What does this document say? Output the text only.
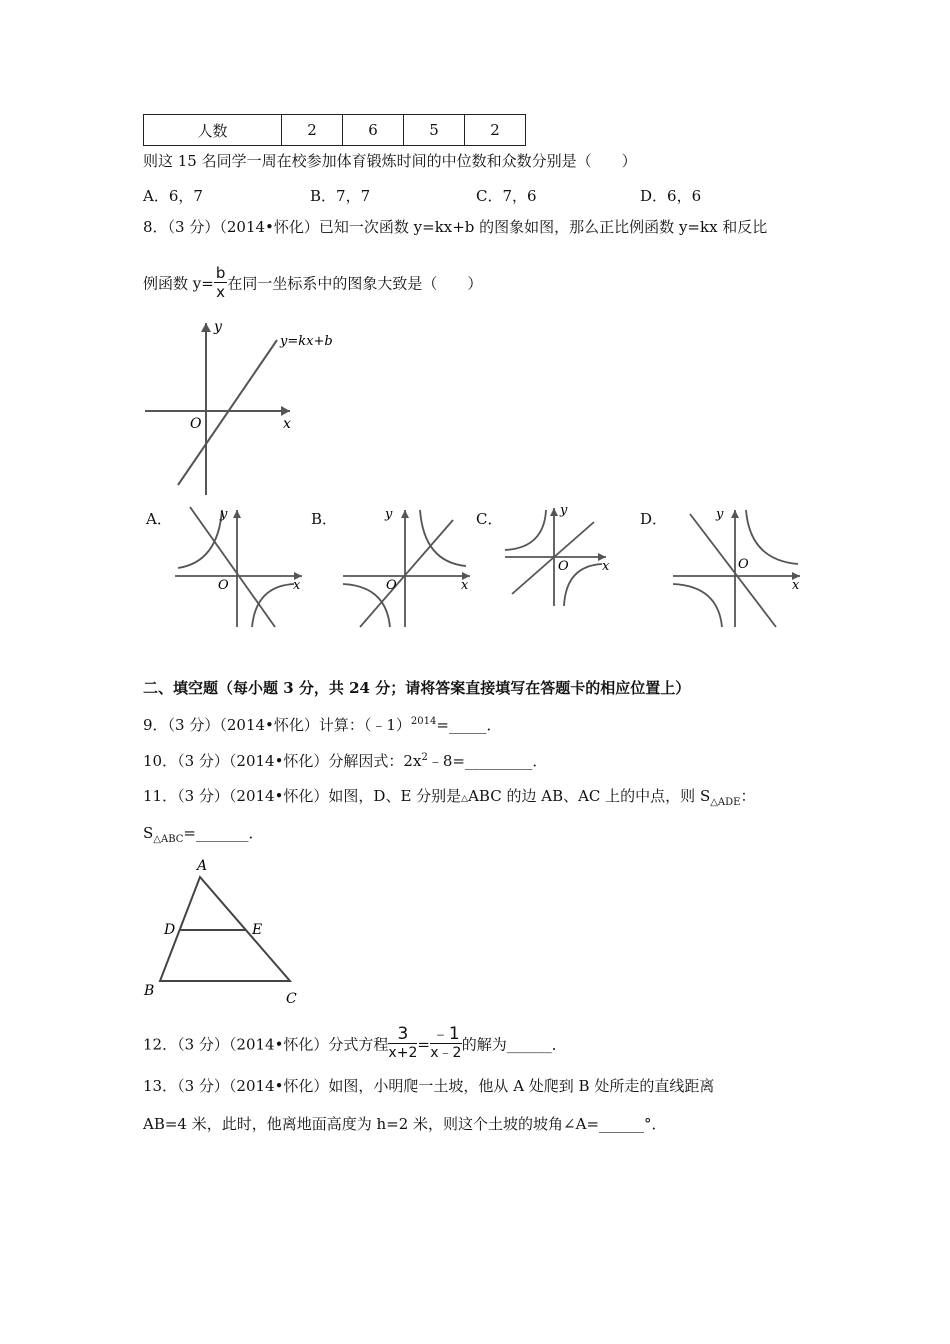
人数	2	6	5	2
则这 15 名同学一周在校参加体育锻炼时间的中位数和众数分别是（　　）
A．6，7	B．7，7	C．7，6	D．6，6
8．（3 分）（2014•怀化）已知一次函数 y=kx+b 的图象如图，那么正比例函数 y=kx 和反比
例函数 $y= \frac{b}{x}$ 在同一坐标系中的图象大致是（　　）
y=kx+b
y
x
O
A．	B．	C．	D．
O	x
y
O	x
y
O	x
y
O
x
y
二、填空题（每小题 3 分，共 24 分；请将答案直接填写在答题卡的相应位置上）
9．（3 分）（2014•怀化）计算：（﹣1）$^{2014}$=_____．
10．（3 分）（2014•怀化）分解因式：$2x^2﹣8=\_\_\_\_\_\_\_\_\_$．
11．（3 分）（2014•怀化）如图，D、E 分别是△ABC 的边 AB、AC 上的中点，则 $S_{\triangle ADE}$：
$S_{\triangle ABC}=\_\_\_\_\_\_\_$．
A
D	E
B	C
12．（3 分）（2014•怀化）分式方程 $\frac{3}{x+2} = \frac{﹣1}{x﹣2}$ 的解为______．
13．（3 分）（2014•怀化）如图，小明爬一土坡，他从 A 处爬到 B 处所走的直线距离
AB=4 米，此时，他离地面高度为 h=2 米，则这个土坡的坡角∠A=______°．
